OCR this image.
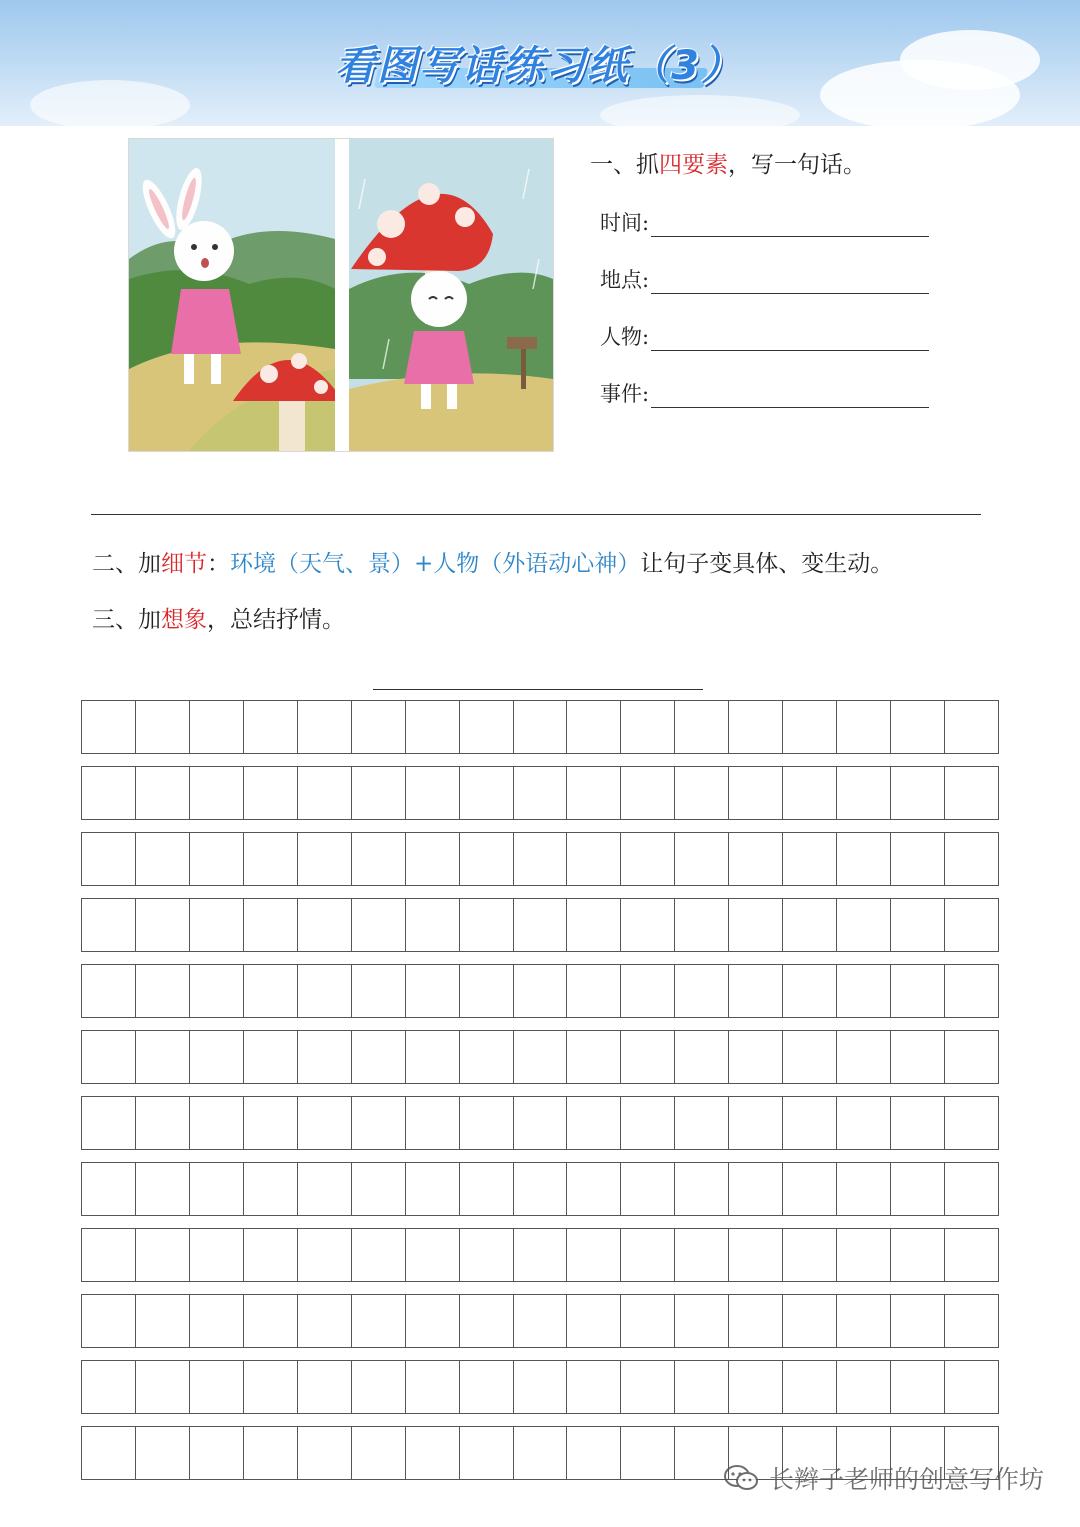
看图写话练习纸（3）
一、抓四要素，写一句话。
时间:
地点:
人物:
事件:
二、加细节：环境（天气、景）+人物（外语动心神）让句子变具体、变生动。
三、加想象，总结抒情。
长辫子老师的创意写作坊
